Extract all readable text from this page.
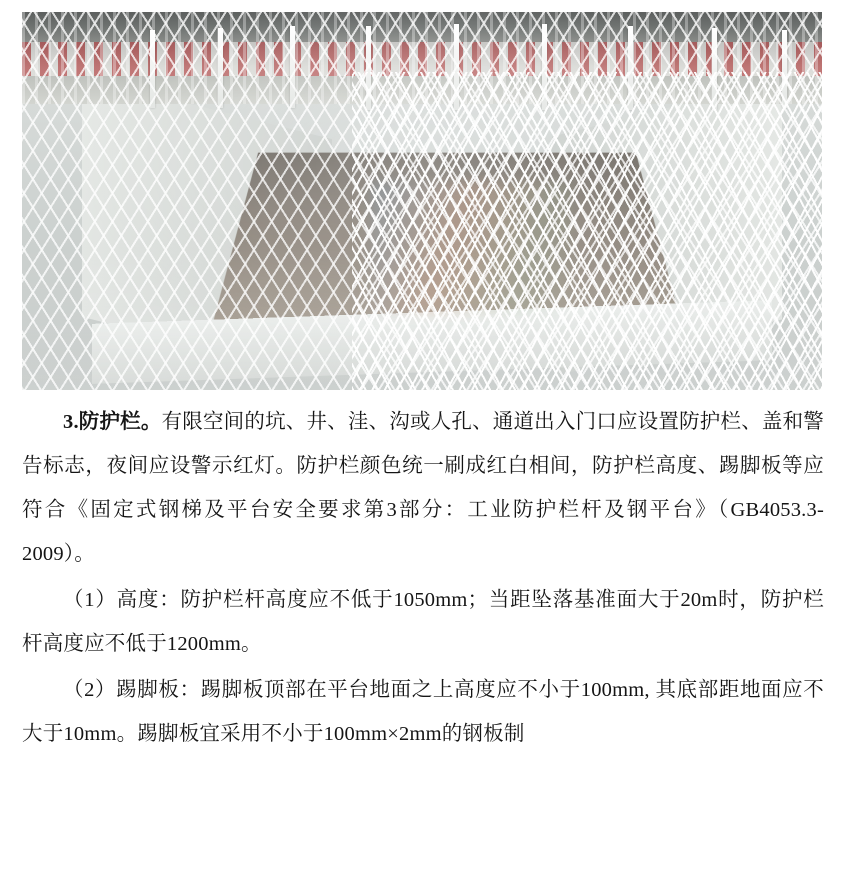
3.防护栏。有限空间的坑、井、洼、沟或人孔、通道出入门口应设置防护栏、盖和警告标志，夜间应设警示红灯。防护栏颜色统一刷成红白相间，防护栏高度、踢脚板等应符合《固定式钢梯及平台安全要求第3部分：工业防护栏杆及钢平台》（GB4053.3-2009）。

（1）高度：防护栏杆高度应不低于1050mm；当距坠落基准面大于20m时，防护栏杆高度应不低于1200mm。

（2）踢脚板：踢脚板顶部在平台地面之上高度应不小于100mm, 其底部距地面应不大于10mm。踢脚板宜采用不小于100mm×2mm的钢板制
